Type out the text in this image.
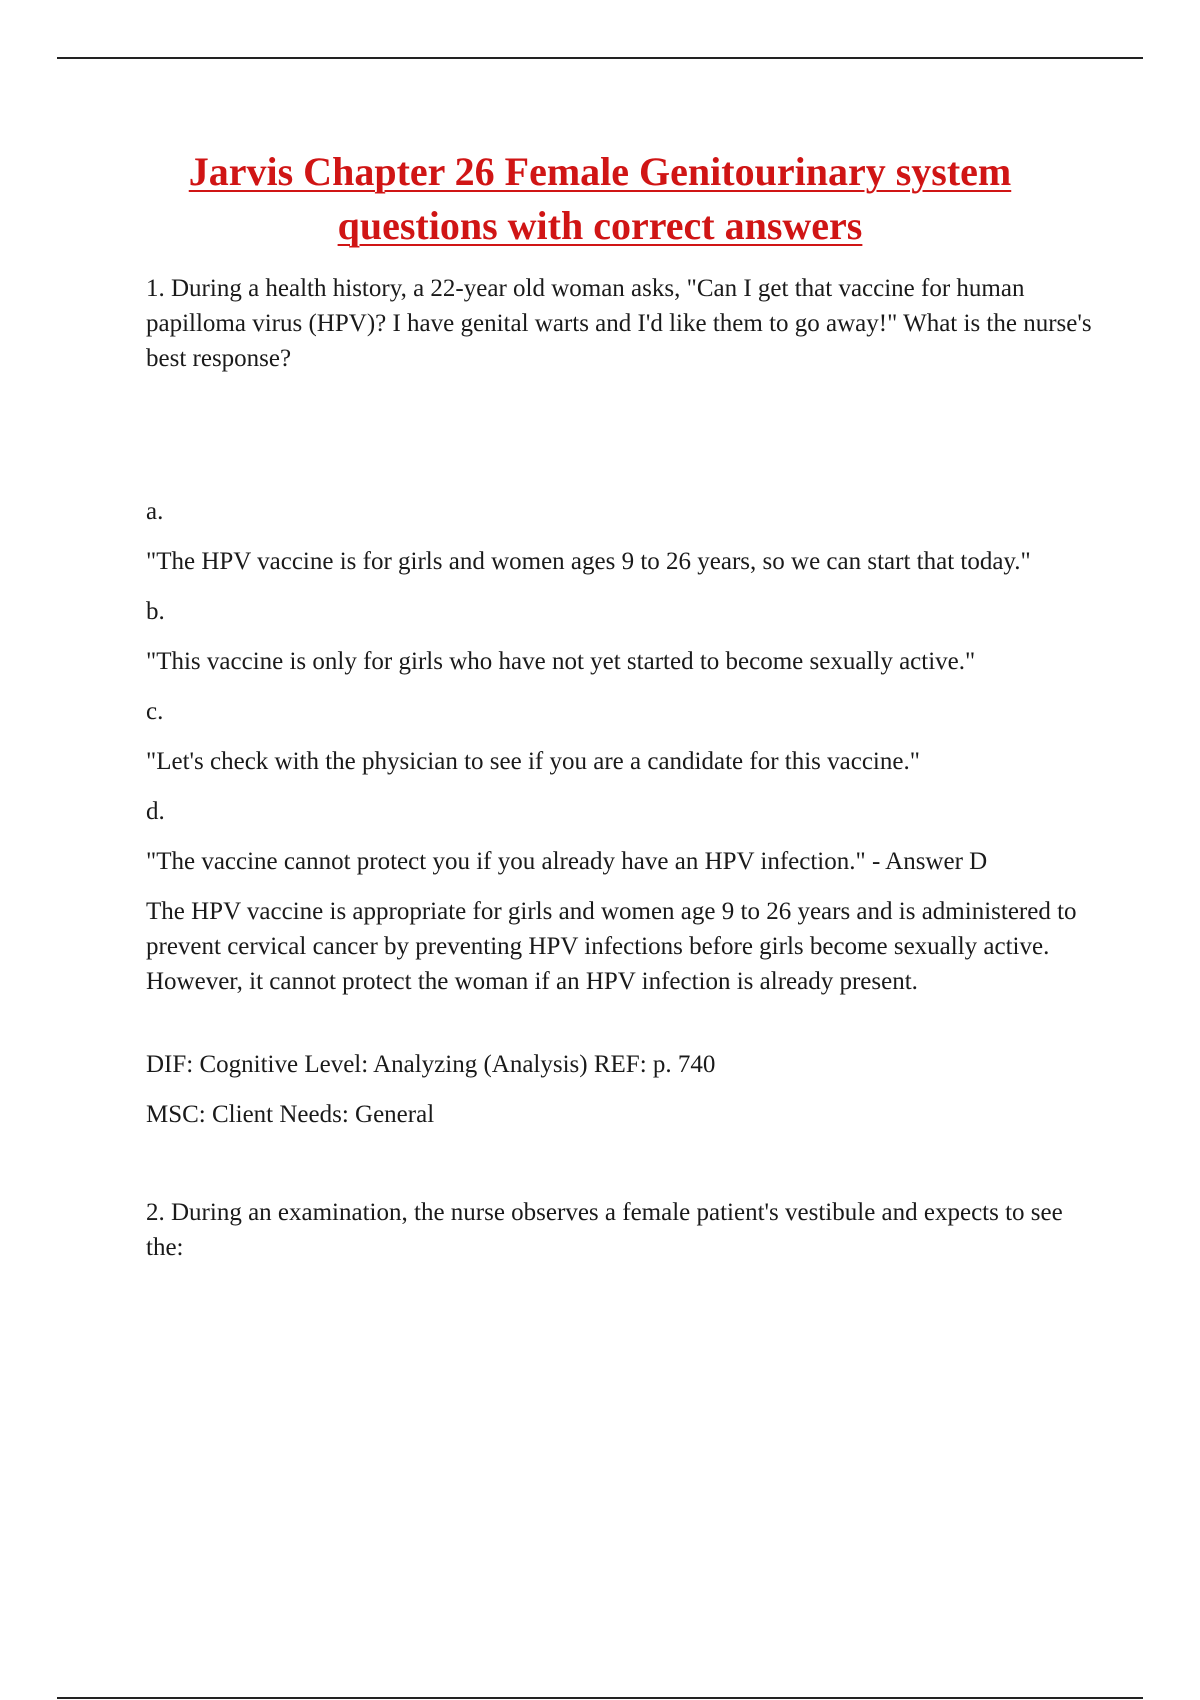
Jarvis Chapter 26 Female Genitourinary system
questions with correct answers

1. During a health history, a 22-year old woman asks, "Can I get that vaccine for human papilloma virus (HPV)? I have genital warts and I'd like them to go away!" What is the nurse's best response?

a.

"The HPV vaccine is for girls and women ages 9 to 26 years, so we can start that today."

b.

"This vaccine is only for girls who have not yet started to become sexually active."

c.

"Let's check with the physician to see if you are a candidate for this vaccine."

d.

"The vaccine cannot protect you if you already have an HPV infection." - Answer D

The HPV vaccine is appropriate for girls and women age 9 to 26 years and is administered to prevent cervical cancer by preventing HPV infections before girls become sexually active. However, it cannot protect the woman if an HPV infection is already present.

DIF: Cognitive Level: Analyzing (Analysis) REF: p. 740

MSC: Client Needs: General

2. During an examination, the nurse observes a female patient's vestibule and expects to see the:
